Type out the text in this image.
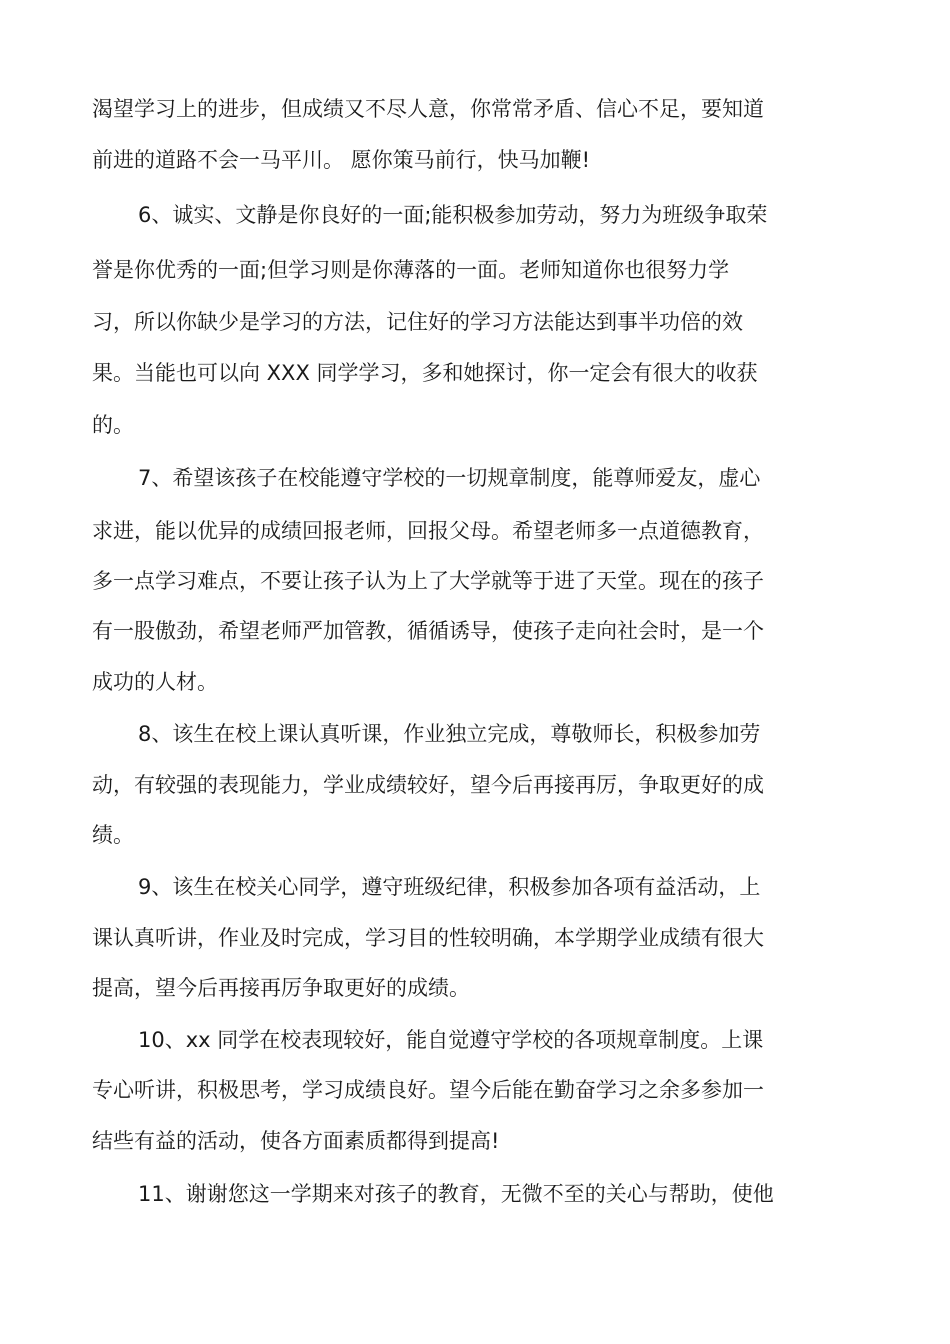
渴望学习上的进步，但成绩又不尽人意，你常常矛盾、信心不足，要知道
前进的道路不会一马平川。 愿你策马前行，快马加鞭!
6、诚实、文静是你良好的一面;能积极参加劳动，努力为班级争取荣
誉是你优秀的一面;但学习则是你薄落的一面。老师知道你也很努力学
习，所以你缺少是学习的方法，记住好的学习方法能达到事半功倍的效
果。当能也可以向 XXX 同学学习，多和她探讨，你一定会有很大的收获
的。
7、希望该孩子在校能遵守学校的一切规章制度，能尊师爱友，虚心
求进，能以优异的成绩回报老师，回报父母。希望老师多一点道德教育，
多一点学习难点，不要让孩子认为上了大学就等于进了天堂。现在的孩子
有一股傲劲，希望老师严加管教，循循诱导，使孩子走向社会时，是一个
成功的人材。
8、该生在校上课认真听课，作业独立完成，尊敬师长，积极参加劳
动，有较强的表现能力，学业成绩较好，望今后再接再厉，争取更好的成
绩。
9、该生在校关心同学，遵守班级纪律，积极参加各项有益活动，上
课认真听讲，作业及时完成，学习目的性较明确，本学期学业成绩有很大
提高，望今后再接再厉争取更好的成绩。
10、xx 同学在校表现较好，能自觉遵守学校的各项规章制度。上课
专心听讲，积极思考，学习成绩良好。望今后能在勤奋学习之余多参加一
结些有益的活动，使各方面素质都得到提高!
11、谢谢您这一学期来对孩子的教育，无微不至的关心与帮助，使他
